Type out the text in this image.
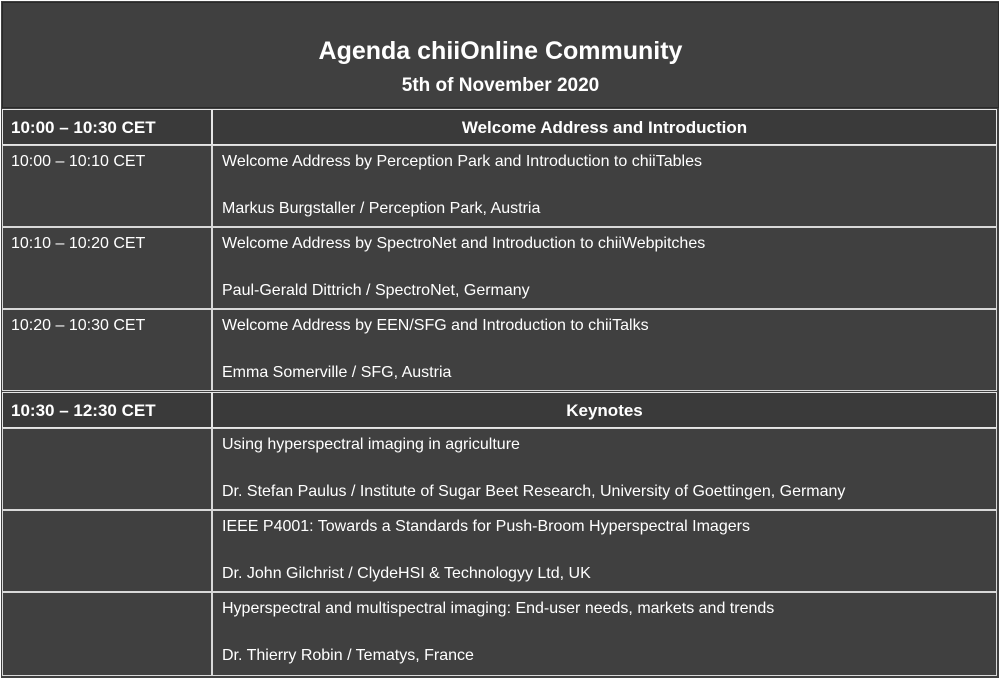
Agenda chiiOnline Community
5th of November 2020
10:00 – 10:30 CET	Welcome Address and Introduction
10:00 – 10:10 CET	Welcome Address by Perception Park and Introduction to chiiTables
Markus Burgstaller / Perception Park, Austria
10:10 – 10:20 CET	Welcome Address by SpectroNet and Introduction to chiiWebpitches
Paul-Gerald Dittrich / SpectroNet, Germany
10:20 – 10:30 CET	Welcome Address by EEN/SFG and Introduction to chiiTalks
Emma Somerville / SFG, Austria
10:30 – 12:30 CET	Keynotes
Using hyperspectral imaging in agriculture
Dr. Stefan Paulus / Institute of Sugar Beet Research, University of Goettingen, Germany
IEEE P4001: Towards a Standards for Push-Broom Hyperspectral Imagers
Dr. John Gilchrist / ClydeHSI & Technologyy Ltd, UK
Hyperspectral and multispectral imaging: End-user needs, markets and trends
Dr. Thierry Robin / Tematys, France
